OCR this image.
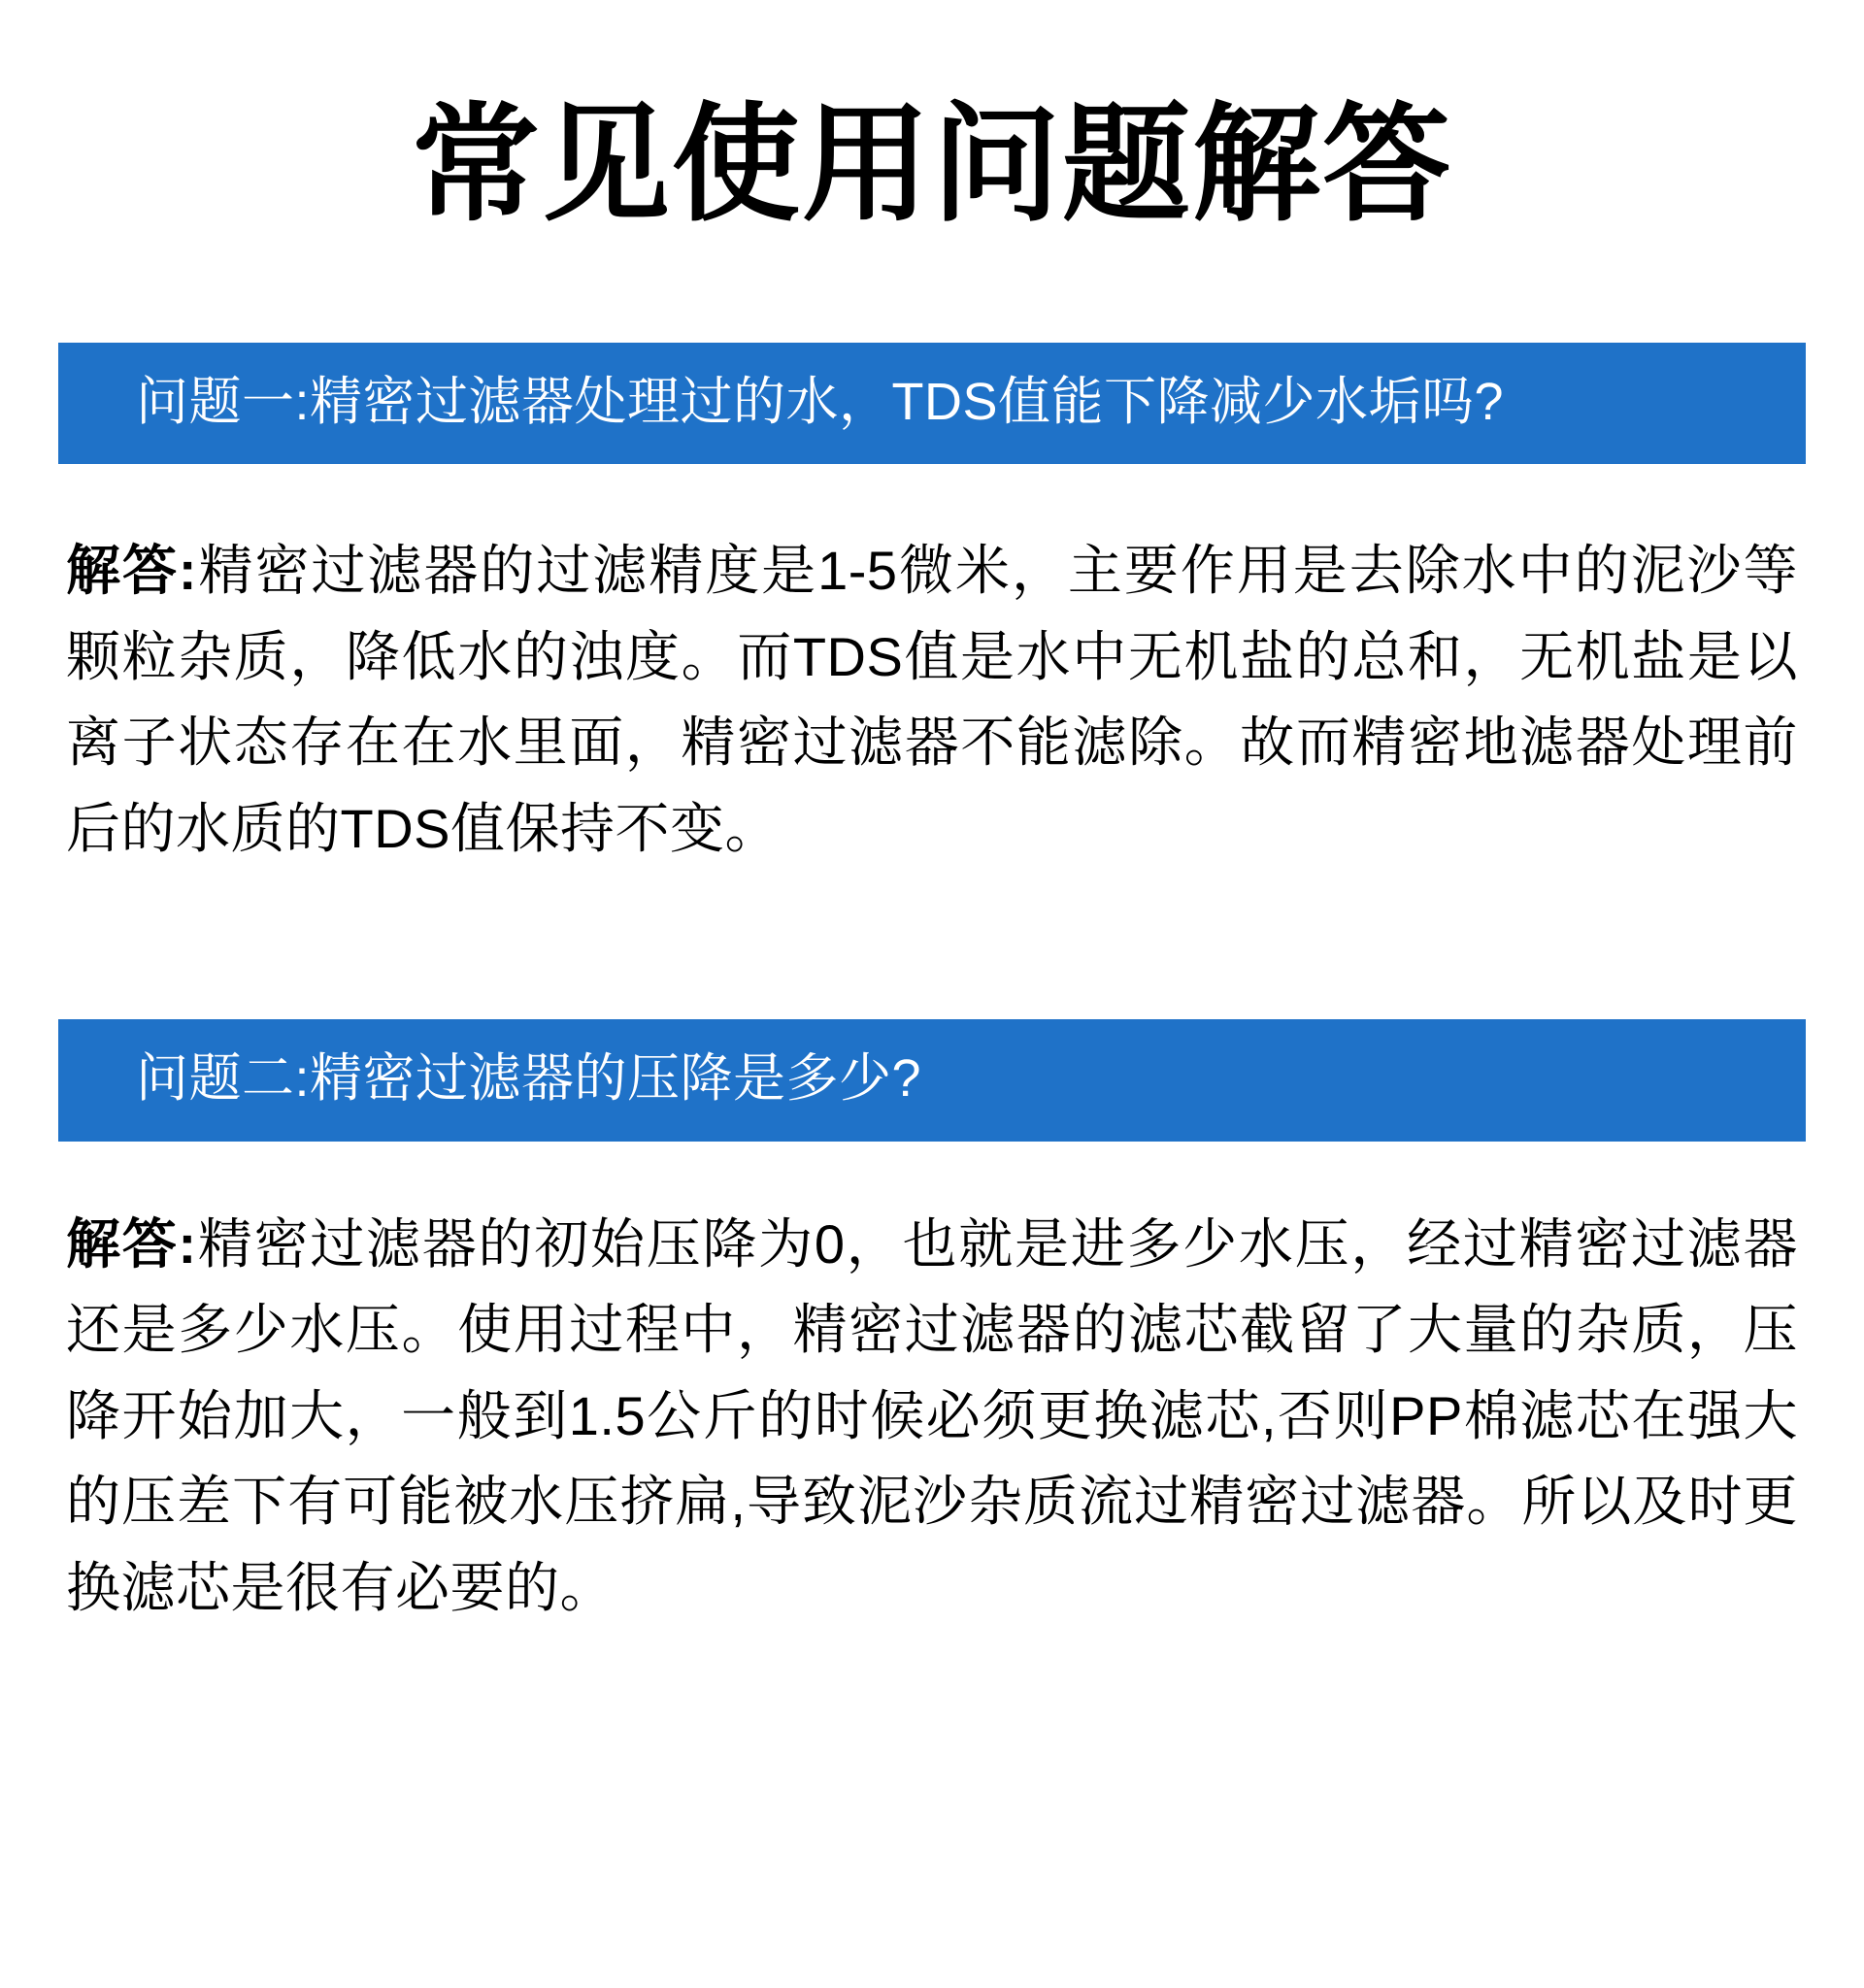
常见使用问题解答
问题一:精密过滤器处理过的水，TDS值能下降减少水垢吗?

解答:精密过滤器的过滤精度是1-5微米，主要作用是去除水中的泥沙等颗粒杂质，降低水的浊度。而TDS值是水中无机盐的总和，无机盐是以离子状态存在在水里面，精密过滤器不能滤除。故而精密地滤器处理前后的水质的TDS值保持不变。

问题二:精密过滤器的压降是多少?

解答:精密过滤器的初始压降为0，也就是进多少水压，经过精密过滤器还是多少水压。使用过程中，精密过滤器的滤芯截留了大量的杂质，压降开始加大，一般到1.5公斤的时候必须更换滤芯,否则PP棉滤芯在强大的压差下有可能被水压挤扁,导致泥沙杂质流过精密过滤器。所以及时更换滤芯是很有必要的。
